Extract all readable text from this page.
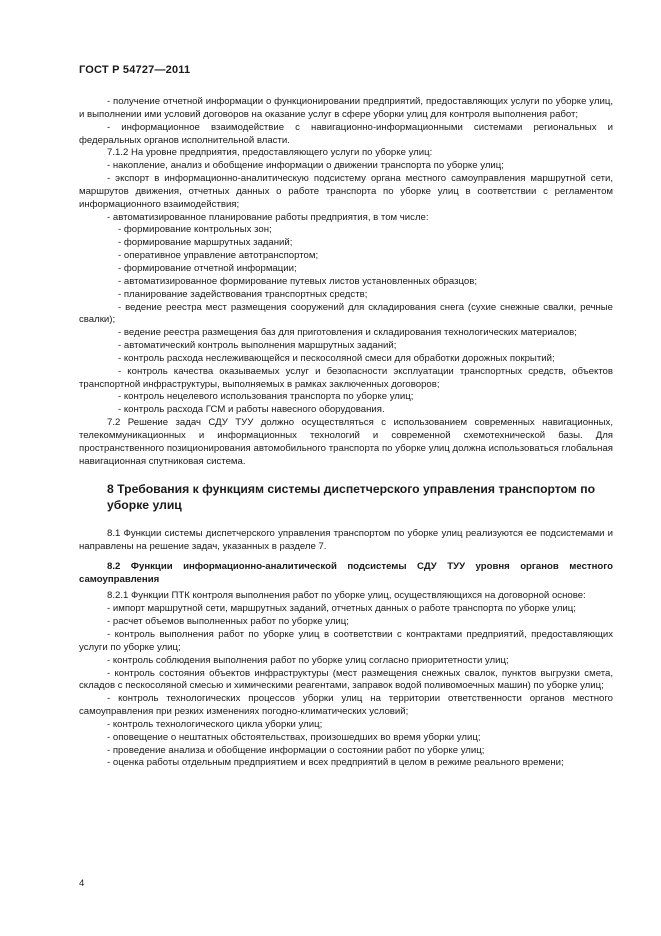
ГОСТ Р 54727—2011
- получение отчетной информации о функционировании предприятий, предоставляющих услуги по уборке улиц, и выполнении ими условий договоров на оказание услуг в сфере уборки улиц для контроля выполнения работ;
- информационное взаимодействие с навигационно-информационными системами региональных и федеральных органов исполнительной власти.
7.1.2 На уровне предприятия, предоставляющего услуги по уборке улиц:
- накопление, анализ и обобщение информации о движении транспорта по уборке улиц;
- экспорт в информационно-аналитическую подсистему органа местного самоуправления маршрутной сети, маршрутов движения, отчетных данных о работе транспорта по уборке улиц в соответствии с регламентом информационного взаимодействия;
- автоматизированное планирование работы предприятия, в том числе:
- формирование контрольных зон;
- формирование маршрутных заданий;
- оперативное управление автотранспортом;
- формирование отчетной информации;
- автоматизированное формирование путевых листов установленных образцов;
- планирование задействования транспортных средств;
- ведение реестра мест размещения сооружений для складирования снега (сухие снежные свалки, речные свалки);
- ведение реестра размещения баз для приготовления и складирования технологических материалов;
- автоматический контроль выполнения маршрутных заданий;
- контроль расхода неслеживающейся и пескосоляной смеси для обработки дорожных покрытий;
- контроль качества оказываемых услуг и безопасности эксплуатации транспортных средств, объектов транспортной инфраструктуры, выполняемых в рамках заключенных договоров;
- контроль нецелевого использования транспорта по уборке улиц;
- контроль расхода ГСМ и работы навесного оборудования.
7.2 Решение задач СДУ ТУУ должно осуществляться с использованием современных навигационных, телекоммуникационных и информационных технологий и современной схемотехнической базы. Для пространственного позиционирования автомобильного транспорта по уборке улиц должна использоваться глобальная навигационная спутниковая система.
8 Требования к функциям системы диспетчерского управления транспортом по уборке улиц
8.1 Функции системы диспетчерского управления транспортом по уборке улиц реализуются ее подсистемами и направлены на решение задач, указанных в разделе 7.
8.2 Функции информационно-аналитической подсистемы СДУ ТУУ уровня органов местного самоуправления
8.2.1 Функции ПТК контроля выполнения работ по уборке улиц, осуществляющихся на договорной основе:
- импорт маршрутной сети, маршрутных заданий, отчетных данных о работе транспорта по уборке улиц;
- расчет объемов выполненных работ по уборке улиц;
- контроль выполнения работ по уборке улиц в соответствии с контрактами предприятий, предоставляющих услуги по уборке улиц;
- контроль соблюдения выполнения работ по уборке улиц согласно приоритетности улиц;
- контроль состояния объектов инфраструктуры (мест размещения снежных свалок, пунктов выгрузки смета, складов с пескосоляной смесью и химическими реагентами, заправок водой поливомоечных машин) по уборке улиц;
- контроль технологических процессов уборки улиц на территории ответственности органов местного самоуправления при резких изменениях погодно-климатических условий;
- контроль технологического цикла уборки улиц;
- оповещение о нештатных обстоятельствах, произошедших во время уборки улиц;
- проведение анализа и обобщение информации о состоянии работ по уборке улиц;
- оценка работы отдельным предприятием и всех предприятий в целом в режиме реального времени;
4
